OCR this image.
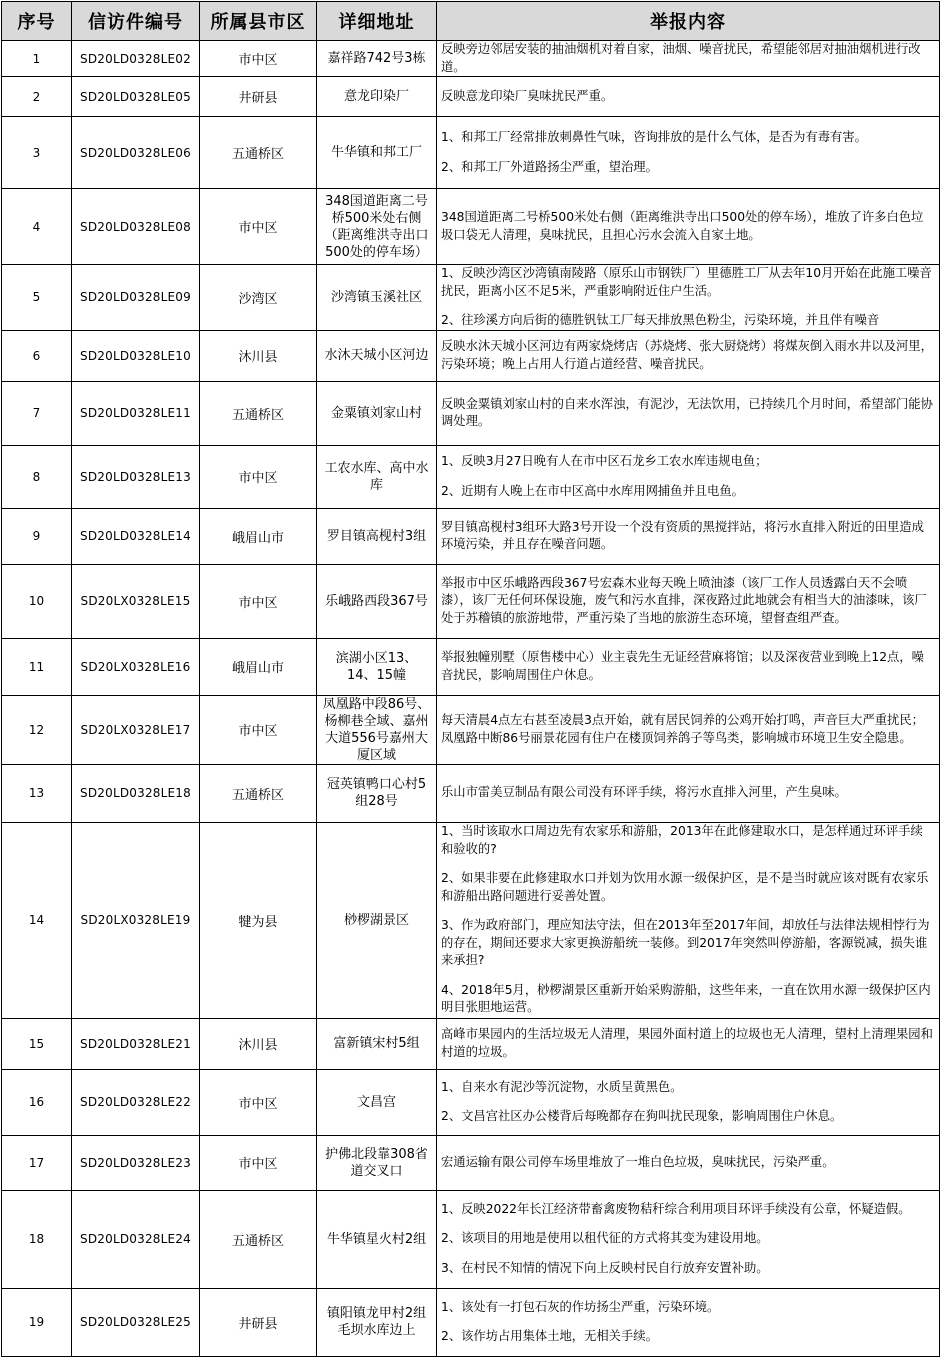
序号	信访件编号	所属县市区	详细地址	举报内容
1	SD20LD0328LE02	市中区	嘉祥路742号3栋	反映旁边邻居安装的抽油烟机对着自家，油烟、噪音扰民，希望能邻居对抽油烟机进行改道。

2	SD20LD0328LE05	井研县	意龙印染厂	反映意龙印染厂臭味扰民严重。

3	SD20LD0328LE06	五通桥区	牛华镇和邦工厂	1、和邦工厂经常排放刺鼻性气味，咨询排放的是什么气体，是否为有毒有害。

2、和邦工厂外道路扬尘严重，望治理。

4	SD20LD0328LE08	市中区	348国道距离二号桥500米处右侧（距离维洪寺出口500处的停车场）	348国道距离二号桥500米处右侧（距离维洪寺出口500处的停车场），堆放了许多白色垃圾口袋无人清理，臭味扰民，且担心污水会流入自家土地。

5	SD20LD0328LE09	沙湾区	沙湾镇玉溪社区	1、反映沙湾区沙湾镇南陵路（原乐山市钢铁厂）里德胜工厂从去年10月开始在此施工噪音扰民，距离小区不足5米，严重影响附近住户生活。

2、往珍溪方向后街的德胜钒钛工厂每天排放黑色粉尘，污染环境，并且伴有噪音

6	SD20LD0328LE10	沐川县	水沐天城小区河边	反映水沐天城小区河边有两家烧烤店（苏烧烤、张大厨烧烤）将煤灰倒入雨水井以及河里，污染环境；晚上占用人行道占道经营、噪音扰民。

7	SD20LD0328LE11	五通桥区	金粟镇刘家山村	反映金粟镇刘家山村的自来水浑浊，有泥沙，无法饮用，已持续几个月时间，希望部门能协调处理。

8	SD20LD0328LE13	市中区	工农水库、高中水库	1、反映3月27日晚有人在市中区石龙乡工农水库违规电鱼；

2、近期有人晚上在市中区高中水库用网捕鱼并且电鱼。

9	SD20LD0328LE14	峨眉山市	罗目镇高枧村3组	罗目镇高枧村3组环大路3号开设一个没有资质的黑搅拌站，将污水直排入附近的田里造成环境污染，并且存在噪音问题。

10	SD20LX0328LE15	市中区	乐峨路西段367号	举报市中区乐峨路西段367号宏森木业每天晚上喷油漆（该厂工作人员透露白天不会喷漆），该厂无任何环保设施，废气和污水直排，深夜路过此地就会有相当大的油漆味，该厂处于苏稽镇的旅游地带，严重污染了当地的旅游生态环境，望督查组严查。

11	SD20LX0328LE16	峨眉山市	滨湖小区13、14、15幢	举报独幢別墅（原售楼中心）业主袁先生无证经营麻将馆；以及深夜营业到晚上12点，噪音扰民，影响周围住户休息。

12	SD20LX0328LE17	市中区	凤凰路中段86号、杨柳巷全域、嘉州大道556号嘉州大厦区域	每天清晨4点左右甚至凌晨3点开始，就有居民饲养的公鸡开始打鸣，声音巨大严重扰民；凤凰路中断86号丽景花园有住户在楼顶饲养鸽子等鸟类，影响城市环境卫生安全隐患。

13	SD20LD0328LE18	五通桥区	冠英镇鸭口心村5组28号	乐山市雷美豆制品有限公司没有环评手续，将污水直排入河里，产生臭味。

14	SD20LX0328LE19	犍为县	桫椤湖景区	1、当时该取水口周边先有农家乐和游船，2013年在此修建取水口，是怎样通过环评手续和验收的?

2、如果非要在此修建取水口并划为饮用水源一级保护区，是不是当时就应该对既有农家乐和游船出路问题进行妥善处置。

3、作为政府部门，理应知法守法，但在2013年至2017年间，却放任与法律法规相悖行为的存在，期间还要求大家更换游船统一装修。到2017年突然叫停游船，客源锐减，损失谁来承担?

4、2018年5月，桫椤湖景区重新开始采购游船，这些年来，一直在饮用水源一级保护区内明目张胆地运营。

15	SD20LD0328LE21	沐川县	富新镇宋村5组	高峰市果园内的生活垃圾无人清理，果园外面村道上的垃圾也无人清理，望村上清理果园和村道的垃圾。

16	SD20LD0328LE22	市中区	文昌宫	1、自来水有泥沙等沉淀物，水质呈黄黑色。

2、文昌宫社区办公楼背后每晚都存在狗叫扰民现象，影响周围住户休息。

17	SD20LD0328LE23	市中区	护佛北段靠308省道交叉口	宏通运输有限公司停车场里堆放了一堆白色垃圾，臭味扰民，污染严重。

18	SD20LD0328LE24	五通桥区	牛华镇星火村2组	1、反映2022年长江经济带畜禽废物秸秆综合利用项目环评手续没有公章，怀疑造假。

2、该项目的用地是使用以租代征的方式将其变为建设用地。

3、在村民不知情的情况下向上反映村民自行放弃安置补助。

19	SD20LD0328LE25	井研县	镇阳镇龙甲村2组毛坝水库边上	1、该处有一打包石灰的作坊扬尘严重，污染环境。

2、该作坊占用集体土地，无相关手续。
